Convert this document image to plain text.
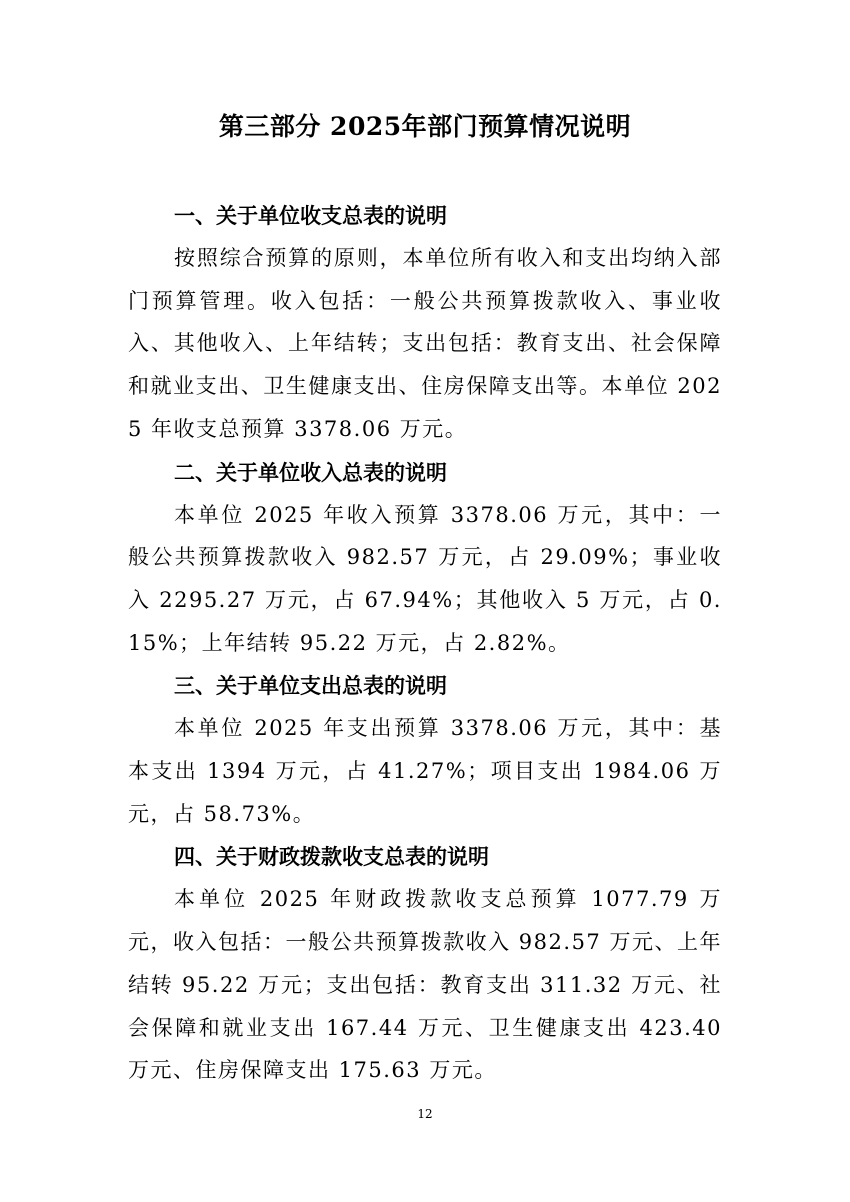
第三部分 2025年部门预算情况说明
一、关于单位收支总表的说明

按照综合预算的原则，本单位所有收入和支出均纳入部门预算管理。收入包括：一般公共预算拨款收入、事业收入、其他收入、上年结转；支出包括：教育支出、社会保障和就业支出、卫生健康支出、住房保障支出等。本单位 2025 年收支总预算 3378.06 万元。

二、关于单位收入总表的说明

本单位 2025 年收入预算 3378.06 万元，其中：一般公共预算拨款收入 982.57 万元，占 29.09%；事业收入 2295.27 万元，占 67.94%；其他收入 5 万元，占 0.15%；上年结转 95.22 万元，占 2.82%。

三、关于单位支出总表的说明

本单位 2025 年支出预算 3378.06 万元，其中：基本支出 1394 万元，占 41.27%；项目支出 1984.06 万元，占 58.73%。

四、关于财政拨款收支总表的说明

本单位 2025 年财政拨款收支总预算 1077.79 万元，收入包括：一般公共预算拨款收入 982.57 万元、上年结转 95.22 万元；支出包括：教育支出 311.32 万元、社会保障和就业支出 167.44 万元、卫生健康支出 423.40 万元、住房保障支出 175.63 万元。

12
